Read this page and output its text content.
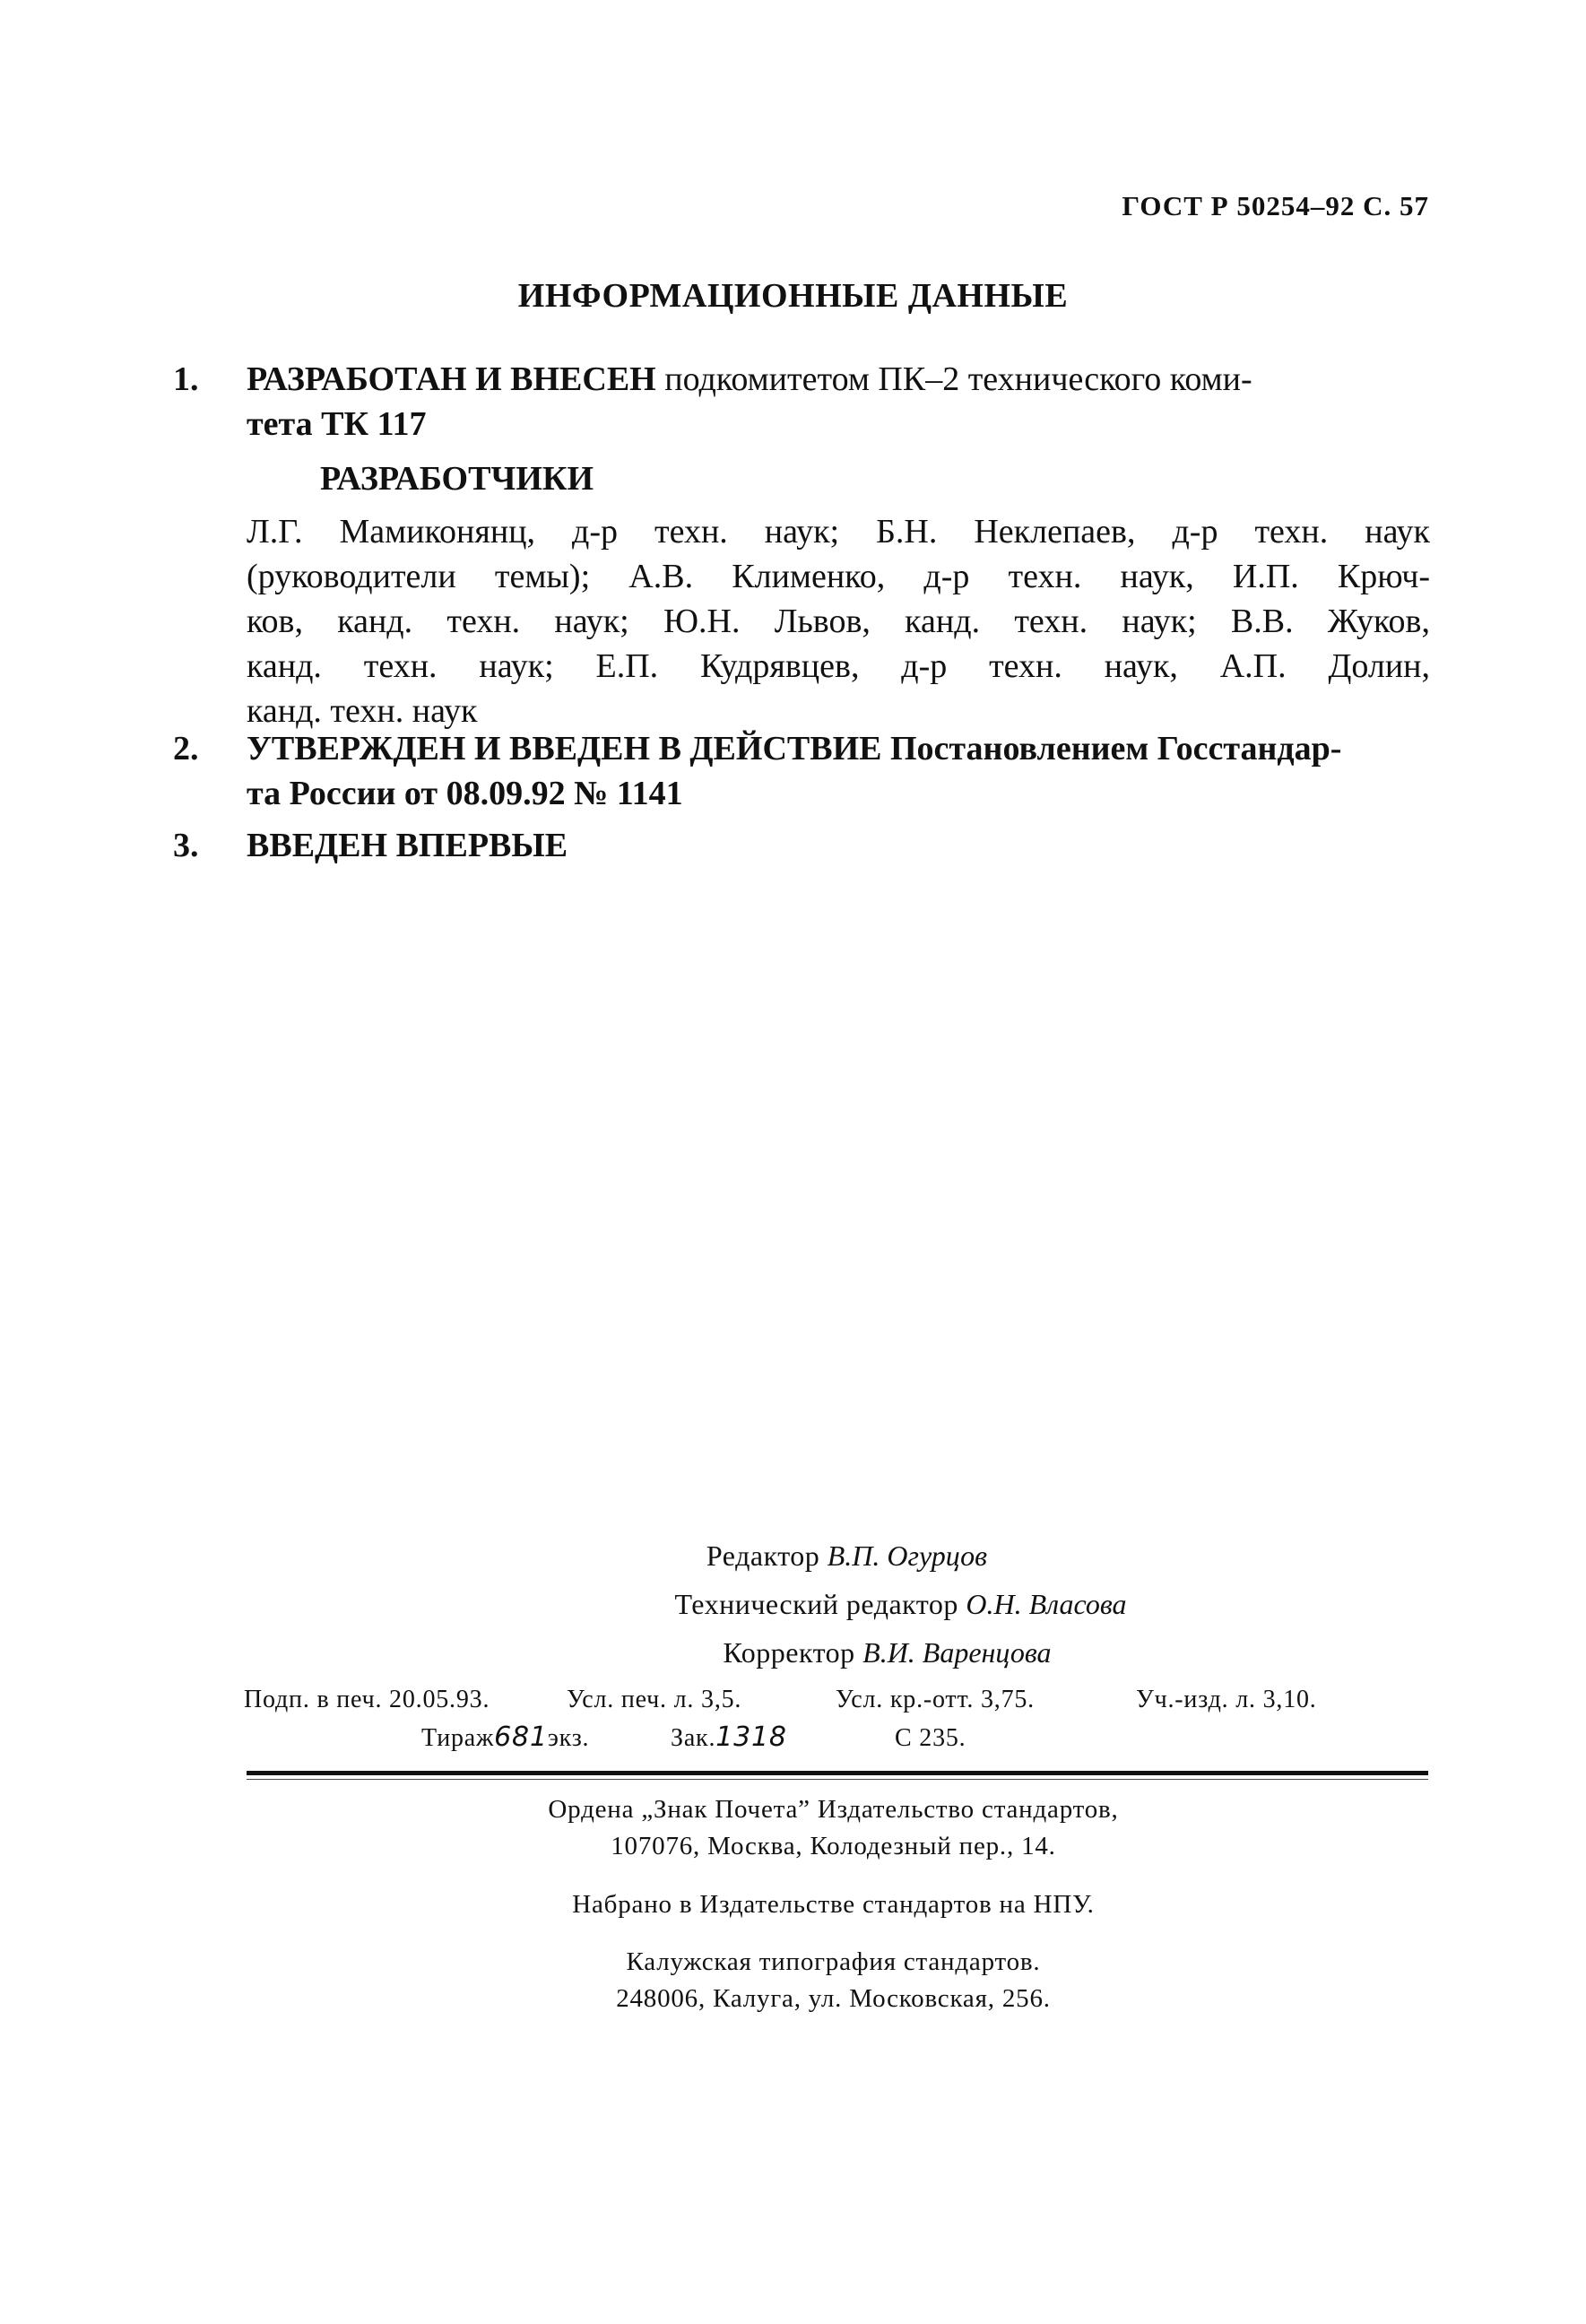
ГОСТ Р 50254–92 С. 57
ИНФОРМАЦИОННЫЕ ДАННЫЕ
1. РАЗРАБОТАН И ВНЕСЕН подкомитетом ПК–2 технического коми-
тета ТК 117
РАЗРАБОТЧИКИ
Л.Г. Мамиконянц, д-р техн. наук; Б.Н. Неклепаев, д-р техн. наук
(руководители темы); А.В. Клименко, д-р техн. наук, И.П. Крюч-
ков, канд. техн. наук; Ю.Н. Львов, канд. техн. наук; В.В. Жуков,
канд. техн. наук; Е.П. Кудрявцев, д-р техн. наук, А.П. Долин,
канд. техн. наук
2. УТВЕРЖДЕН И ВВЕДЕН В ДЕЙСТВИЕ Постановлением Госстандар-
та России от 08.09.92 № 1141
3. ВВЕДЕН ВПЕРВЫЕ
Редактор В.П. Огурцов
Технический редактор О.Н. Власова
Корректор В.И. Варенцова
Подп. в печ. 20.05.93.	Усл. печ. л. 3,5.	Усл. кр.-отт. 3,75.	Уч.-изд. л. 3,10.
Тираж681экз.	Зак.1318	С 235.
Ордена „Знак Почета” Издательство стандартов,
107076, Москва, Колодезный пер., 14.
Набрано в Издательстве стандартов на НПУ.
Калужская типография стандартов.
248006, Калуга, ул. Московская, 256.
